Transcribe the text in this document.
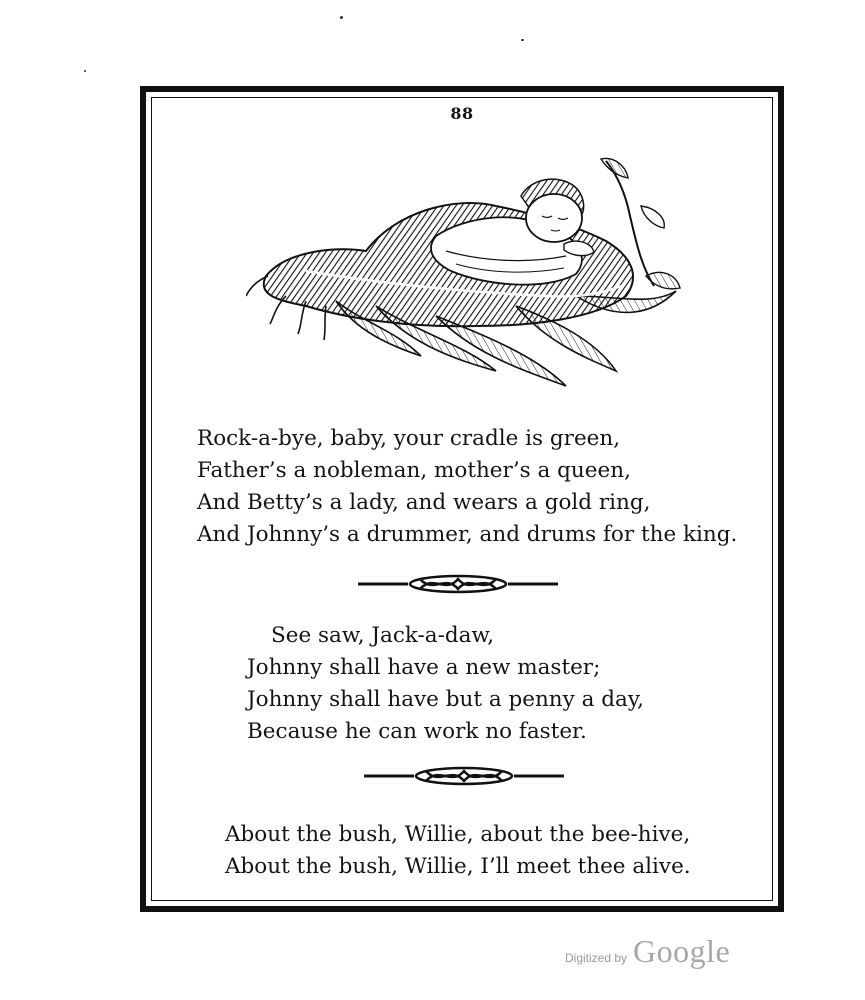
88
Rock-a-bye, baby, your cradle is green,
Father’s a nobleman, mother’s a queen,
And Betty’s a lady, and wears a gold ring,
And Johnny’s a drummer, and drums for the king.
See saw, Jack-a-daw,
Johnny shall have a new master;
Johnny shall have but a penny a day,
Because he can work no faster.
About the bush, Willie, about the bee-hive,
About the bush, Willie, I’ll meet thee alive.
Digitized by Google
